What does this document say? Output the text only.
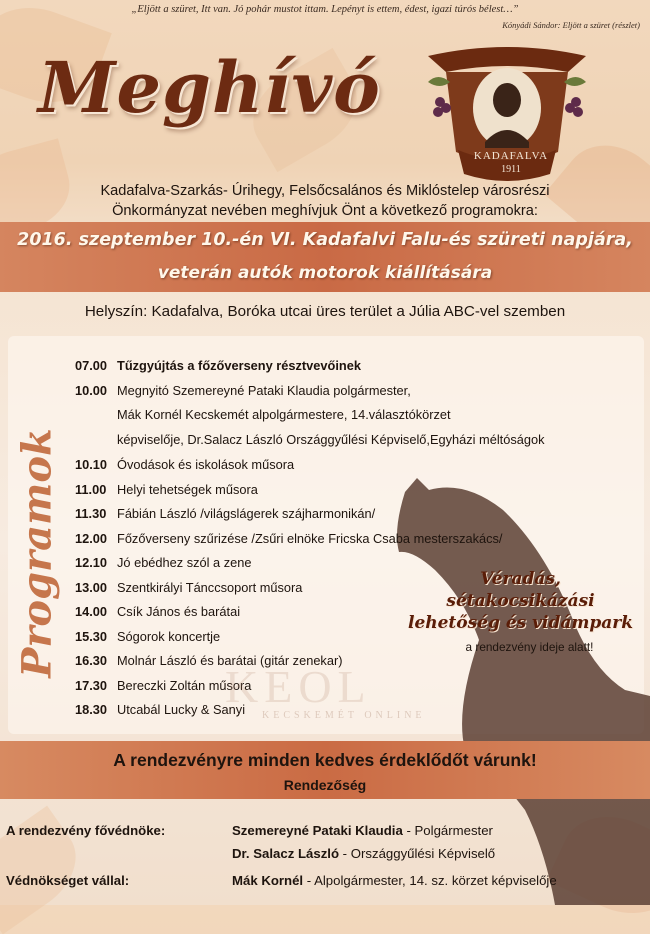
„Eljött a szüret, Itt van. Jó pohár mustot ittam. Lepényt is ettem, édest, igazi túrós bélest…”
Kónyádi Sándor: Eljött a szüret (részlet)
Meghívó
KADAFALVA
1911
Kadafalva-Szarkás- Úrihegy, Felsőcsalános és Miklóstelep városrészi
Önkormányzat nevében meghívjuk Önt a következő programokra:
2016. szeptember 10.-én VI. Kadafalvi Falu-és szüreti napjára,
veterán autók motorok kiállítására
Helyszín: Kadafalva, Boróka utcai üres terület a Júlia ABC-vel szemben
Programok
07.00 Tűzgyújtás a főzőverseny résztvevőinek
10.00 Megnyitó Szemereyné Pataki Klaudia polgármester,
Mák Kornél Kecskemét alpolgármestere, 14.választókörzet
képviselője, Dr.Salacz László Országgyűlési Képviselő,Egyházi méltóságok
10.10 Óvodások és iskolások műsora
11.00 Helyi tehetségek műsora
11.30 Fábián László /világslágerek szájharmonikán/
12.00 Főzőverseny szűrizése /Zsűri elnöke Fricska Csaba mesterszakács/
12.10 Jó ebédhez szól a zene
13.00 Szentkirályi Tánccsoport műsora
14.00 Csík János és barátai
15.30 Sógorok koncertje
16.30 Molnár László és barátai (gitár zenekar)
17.30 Bereczki Zoltán műsora
18.30 Utcabál Lucky & Sanyi
Véradás,
sétakocsikázási
lehetőség és vidámpark
a rendezvény ideje alatt!
KEOL
KECSKEMÉT ONLINE
A rendezvényre minden kedves érdeklődőt várunk!
Rendezőség
A rendezvény fővédnöke:	Szemereyné Pataki Klaudia - Polgármester
Dr. Salacz László - Országgyűlési Képviselő
Védnökséget vállal:	Mák Kornél - Alpolgármester, 14. sz. körzet képviselője
